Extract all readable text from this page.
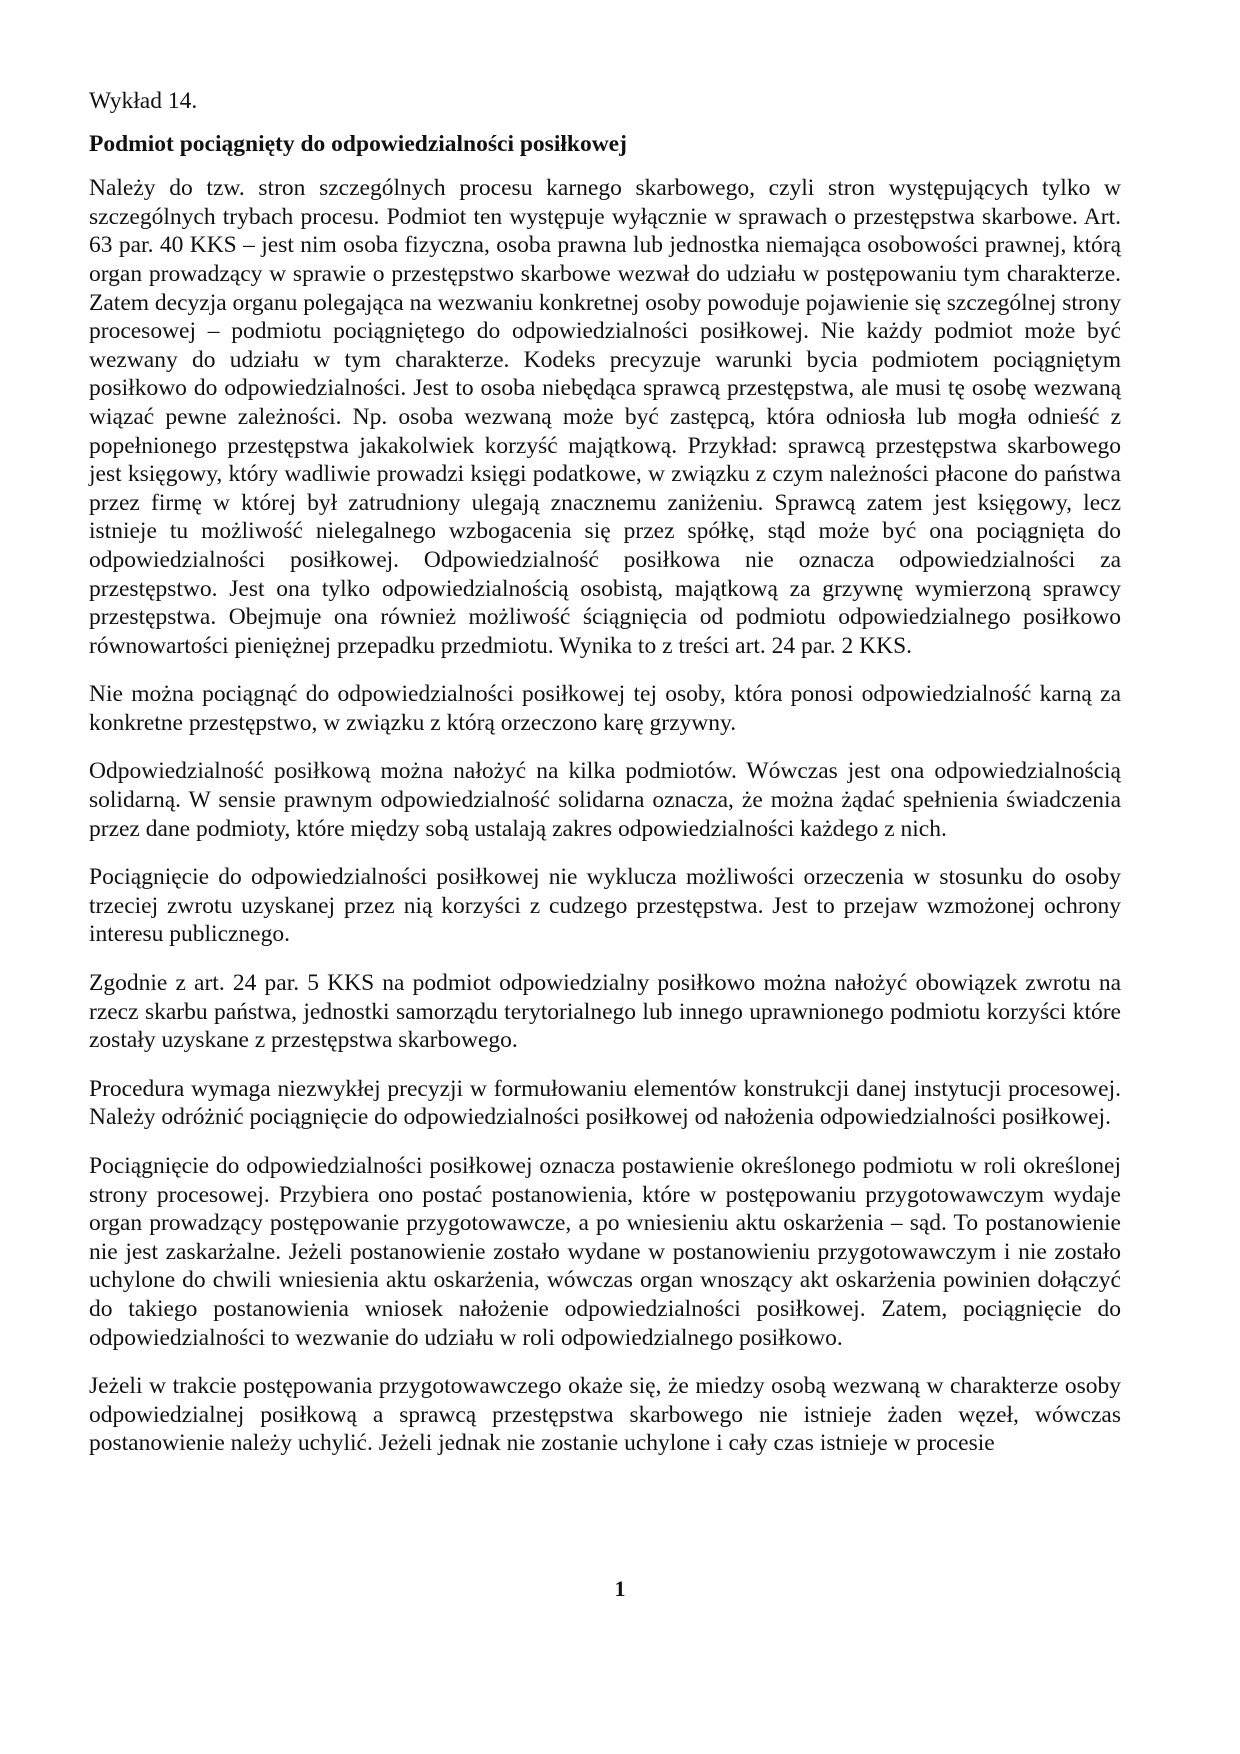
Wykład 14.
Podmiot pociągnięty do odpowiedzialności posiłkowej

Należy do tzw. stron szczególnych procesu karnego skarbowego, czyli stron występujących tylko w szczególnych trybach procesu. Podmiot ten występuje wyłącznie w sprawach o przestępstwa skarbowe. Art. 63 par. 40 KKS – jest nim osoba fizyczna, osoba prawna lub jednostka niemająca osobowości prawnej, którą organ prowadzący w sprawie o przestępstwo skarbowe wezwał do udziału w postępowaniu tym charakterze. Zatem decyzja organu polegająca na wezwaniu konkretnej osoby powoduje pojawienie się szczególnej strony procesowej – podmiotu pociągniętego do odpowiedzialności posiłkowej. Nie każdy podmiot może być wezwany do udziału w tym charakterze. Kodeks precyzuje warunki bycia podmiotem pociągniętym posiłkowo do odpowiedzialności. Jest to osoba niebędąca sprawcą przestępstwa, ale musi tę osobę wezwaną wiązać pewne zależności. Np. osoba wezwaną może być zastępcą, która odniosła lub mogła odnieść z popełnionego przestępstwa jakakolwiek korzyść majątkową. Przykład: sprawcą przestępstwa skarbowego jest księgowy, który wadliwie prowadzi księgi podatkowe, w związku z czym należności płacone do państwa przez firmę w której był zatrudniony ulegają znacznemu zaniżeniu. Sprawcą zatem jest księgowy, lecz istnieje tu możliwość nielegalnego wzbogacenia się przez spółkę, stąd może być ona pociągnięta do odpowiedzialności posiłkowej. Odpowiedzialność posiłkowa nie oznacza odpowiedzialności za przestępstwo. Jest ona tylko odpowiedzialnością osobistą, majątkową za grzywnę wymierzoną sprawcy przestępstwa. Obejmuje ona również możliwość ściągnięcia od podmiotu odpowiedzialnego posiłkowo równowartości pieniężnej przepadku przedmiotu. Wynika to z treści art. 24 par. 2 KKS.

Nie można pociągnąć do odpowiedzialności posiłkowej tej osoby, która ponosi odpowiedzialność karną za konkretne przestępstwo, w związku z którą orzeczono karę grzywny.

Odpowiedzialność posiłkową można nałożyć na kilka podmiotów. Wówczas jest ona odpowiedzialnością solidarną. W sensie prawnym odpowiedzialność solidarna oznacza, że można żądać spełnienia świadczenia przez dane podmioty, które między sobą ustalają zakres odpowiedzialności każdego z nich.

Pociągnięcie do odpowiedzialności posiłkowej nie wyklucza możliwości orzeczenia w stosunku do osoby trzeciej zwrotu uzyskanej przez nią korzyści z cudzego przestępstwa. Jest to przejaw wzmożonej ochrony interesu publicznego.

Zgodnie z art. 24 par. 5 KKS na podmiot odpowiedzialny posiłkowo można nałożyć obowiązek zwrotu na rzecz skarbu państwa, jednostki samorządu terytorialnego lub innego uprawnionego podmiotu korzyści które zostały uzyskane z przestępstwa skarbowego.

Procedura wymaga niezwykłej precyzji w formułowaniu elementów konstrukcji danej instytucji procesowej. Należy odróżnić pociągnięcie do odpowiedzialności posiłkowej od nałożenia odpowiedzialności posiłkowej.

Pociągnięcie do odpowiedzialności posiłkowej oznacza postawienie określonego podmiotu w roli określonej strony procesowej. Przybiera ono postać postanowienia, które w postępowaniu przygotowawczym wydaje organ prowadzący postępowanie przygotowawcze, a po wniesieniu aktu oskarżenia – sąd. To postanowienie nie jest zaskarżalne. Jeżeli postanowienie zostało wydane w postanowieniu przygotowawczym i nie zostało uchylone do chwili wniesienia aktu oskarżenia, wówczas organ wnoszący akt oskarżenia powinien dołączyć do takiego postanowienia wniosek nałożenie odpowiedzialności posiłkowej. Zatem, pociągnięcie do odpowiedzialności to wezwanie do udziału w roli odpowiedzialnego posiłkowo.

Jeżeli w trakcie postępowania przygotowawczego okaże się, że miedzy osobą wezwaną w charakterze osoby odpowiedzialnej posiłkową a sprawcą przestępstwa skarbowego nie istnieje żaden węzeł, wówczas postanowienie należy uchylić. Jeżeli jednak nie zostanie uchylone i cały czas istnieje w procesie

1
